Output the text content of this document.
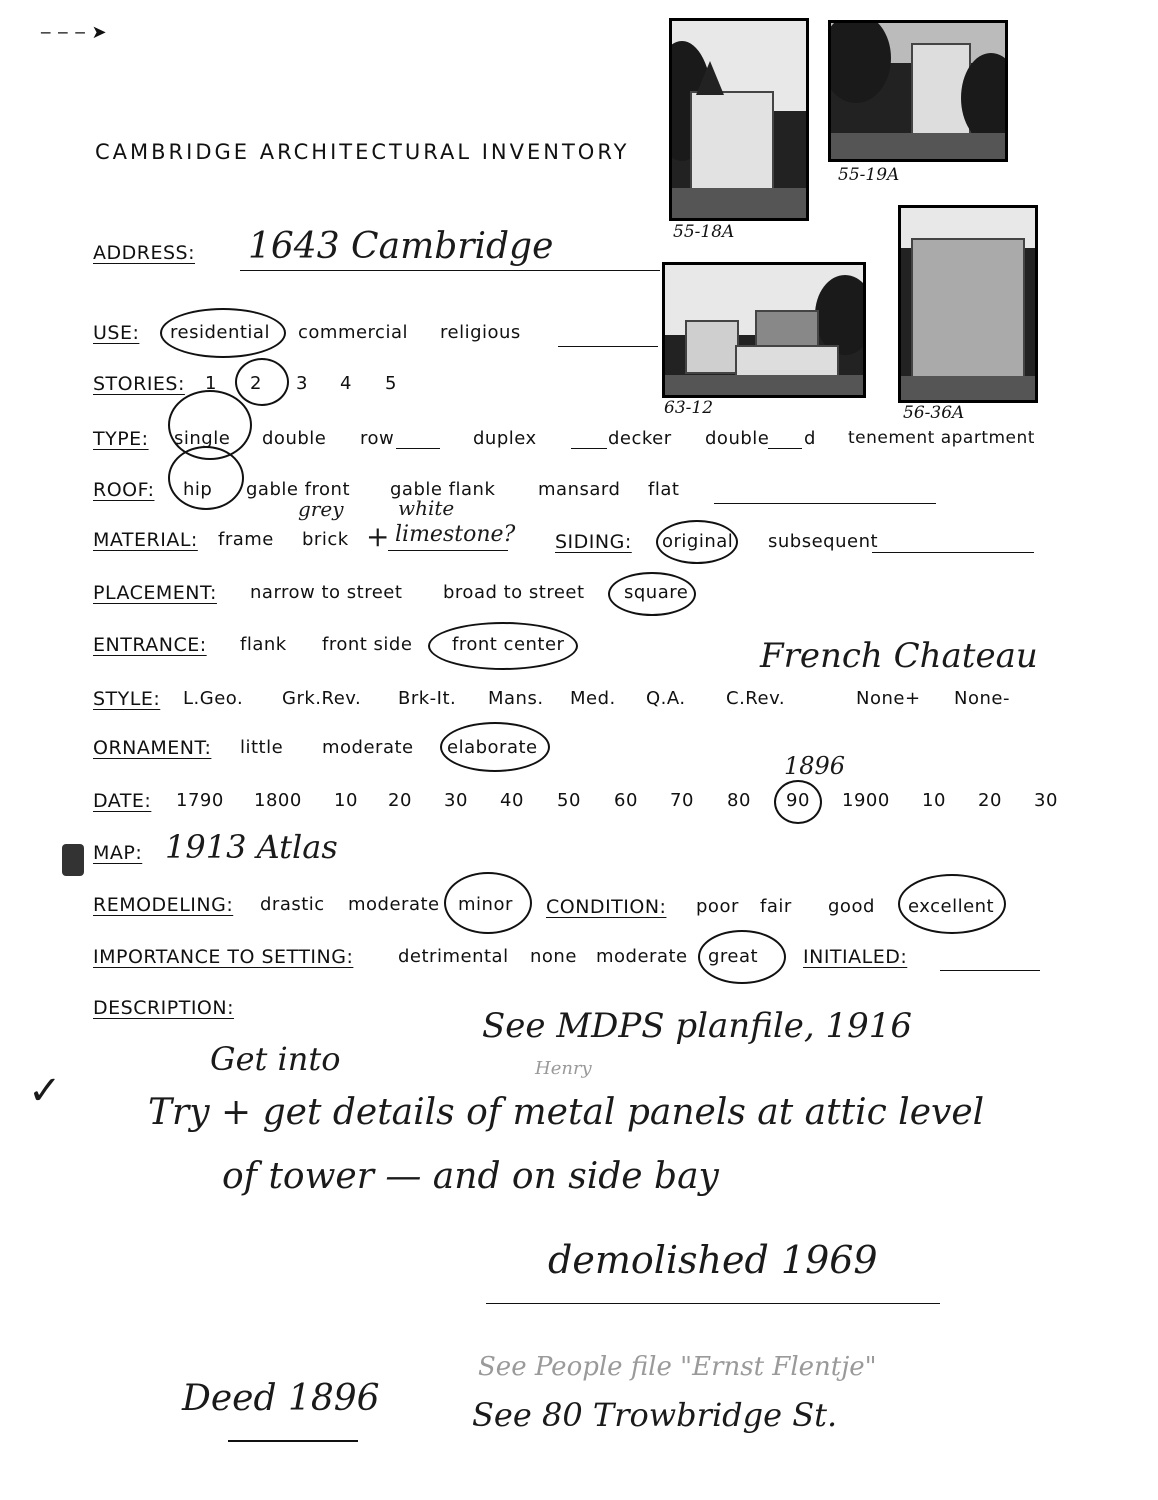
‒ ‒ ‒ ➤
CAMBRIDGE ARCHITECTURAL INVENTORY
55-18A
55-19A
63-12	56-36A
ADDRESS: 1643 Cambridge
USE: residential commercial religious
STORIES: 1 2 3 4 5
TYPE: single double row	duplex	decker double d tenement apartment
ROOF: hip gable front gable flank mansard flat
grey	white
MATERIAL: frame brick + limestone? SIDING: original subsequent
PLACEMENT: narrow to street broad to street square
ENTRANCE: flank front side front center	French Chateau
STYLE: L.Geo. Grk.Rev. Brk-It. Mans. Med. Q.A. C.Rev.	None+ None-
ORNAMENT: little moderate elaborate
1896
DATE: 1790 1800 10 20 30 40 50 60 70 80 90 1900 10 20 30
MAP: 1913 Atlas
REMODELING: drastic moderate minor CONDITION: poor fair good excellent
IMPORTANCE TO SETTING: detrimental none moderate great INITIALED:
DESCRIPTION:	See MDPS planfile, 1916
Get into	Henry
✓ Try + get details of metal panels at attic level
of tower — and on side bay
demolished 1969
See People file "Ernst Flentje"
Deed 1896	See 80 Trowbridge St.
